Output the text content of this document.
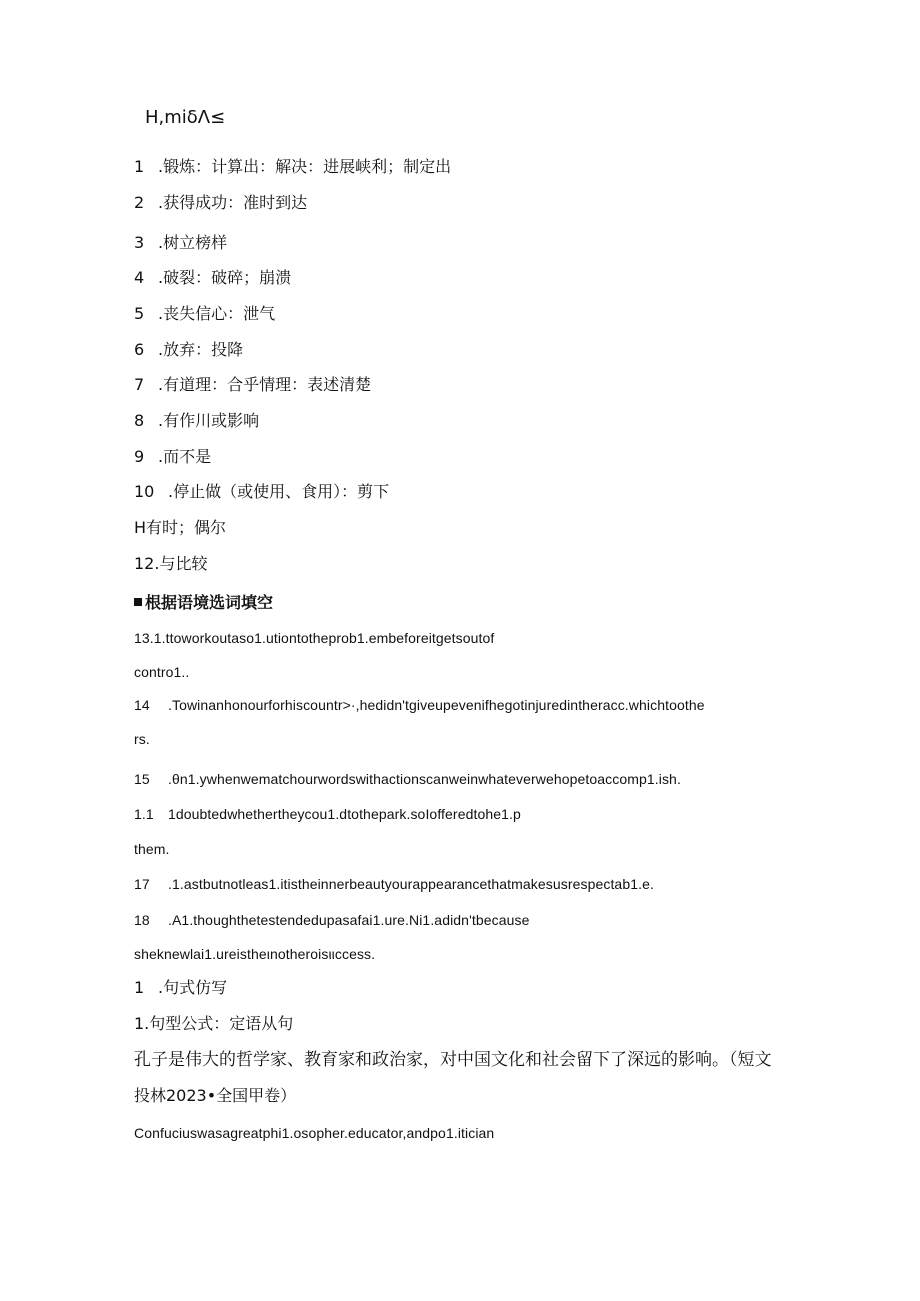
H,miδΛ≤
1 .锻炼：计算出：解决：进展峡利；制定出
2 .获得成功：准时到达
3 .树立榜样
4 .破裂：破碎；崩溃
5 .丧失信心：泄气
6 .放弃：投降
7 .有道理：合乎情理：表述清楚
8 .有作川或影响
9 .而不是
10 .停止做（或使用、食用）：剪下
H有时；偶尔
12.与比较
根据语境选词填空
13.1.ttoworkoutaso1.utiontotheprob1.embeforeitgetsoutof
contro1..
14 .Towinanhonourforhiscountr>·,hedidn'tgiveupevenifhegotinjuredintheracc.whichtoothe
rs.
15 .θn1.ywhenwematchourwordswithactionscanweinwhateverwehopetoaccomp1.ish.
1.1 1doubtedwhethertheycou1.dtothepark.soIofferedtohe1.p
them.
17 .1.astbutnotleas1.itistheinnerbeautyourappearancethatmakesusrespectab1.e.
18 .A1.thoughthetestendedupasafai1.ure.Ni1.adidn'tbecause
sheknewlai1.ureistheιnotheroisιιccess.
1 .句式仿写
1.句型公式：定语从句
孔子是伟大的哲学家、教育家和政治家，对中国文化和社会留下了深远的影响。（短文
投林2023•全国甲卷）
Confuciuswasagreatphi1.osopher.educator,andpo1.itician
